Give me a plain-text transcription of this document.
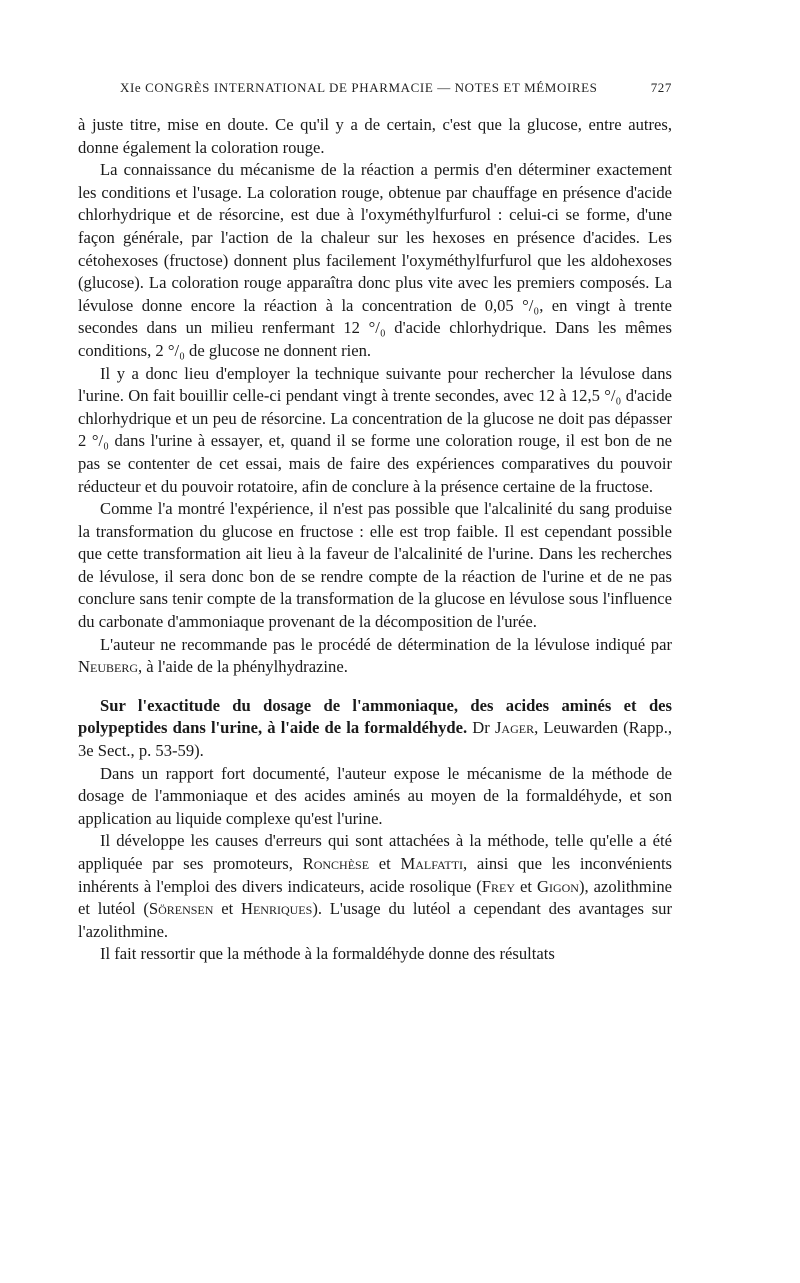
XIe CONGRÈS INTERNATIONAL DE PHARMACIE — NOTES ET MÉMOIRES	727

à juste titre, mise en doute. Ce qu'il y a de certain, c'est que la glucose, entre autres, donne également la coloration rouge.

La connaissance du mécanisme de la réaction a permis d'en déterminer exactement les conditions et l'usage. La coloration rouge, obtenue par chauffage en présence d'acide chlorhydrique et de résorcine, est due à l'oxyméthylfurfurol : celui-ci se forme, d'une façon générale, par l'action de la chaleur sur les hexoses en présence d'acides. Les cétohexoses (fructose) donnent plus facilement l'oxyméthylfurfurol que les aldohexoses (glucose). La coloration rouge apparaîtra donc plus vite avec les premiers composés. La lévulose donne encore la réaction à la concentration de 0,05 °/₀, en vingt à trente secondes dans un milieu renfermant 12 °/₀ d'acide chlorhydrique. Dans les mêmes conditions, 2 °/₀ de glucose ne donnent rien.

Il y a donc lieu d'employer la technique suivante pour rechercher la lévulose dans l'urine. On fait bouillir celle-ci pendant vingt à trente secondes, avec 12 à 12,5 °/₀ d'acide chlorhydrique et un peu de résorcine. La concentration de la glucose ne doit pas dépasser 2 °/₀ dans l'urine à essayer, et, quand il se forme une coloration rouge, il est bon de ne pas se contenter de cet essai, mais de faire des expériences comparatives du pouvoir réducteur et du pouvoir rotatoire, afin de conclure à la présence certaine de la fructose.

Comme l'a montré l'expérience, il n'est pas possible que l'alcalinité du sang produise la transformation du glucose en fructose : elle est trop faible. Il est cependant possible que cette transformation ait lieu à la faveur de l'alcalinité de l'urine. Dans les recherches de lévulose, il sera donc bon de se rendre compte de la réaction de l'urine et de ne pas conclure sans tenir compte de la transformation de la glucose en lévulose sous l'influence du carbonate d'ammoniaque provenant de la décomposition de l'urée.

L'auteur ne recommande pas le procédé de détermination de la lévulose indiqué par Neuberg, à l'aide de la phénylhydrazine.

Sur l'exactitude du dosage de l'ammoniaque, des acides aminés et des polypeptides dans l'urine, à l'aide de la formaldéhyde. Dr Jager, Leuwarden (Rapp., 3e Sect., p. 53-59).

Dans un rapport fort documenté, l'auteur expose le mécanisme de la méthode de dosage de l'ammoniaque et des acides aminés au moyen de la formaldéhyde, et son application au liquide complexe qu'est l'urine.

Il développe les causes d'erreurs qui sont attachées à la méthode, telle qu'elle a été appliquée par ses promoteurs, Ronchèse et Malfatti, ainsi que les inconvénients inhérents à l'emploi des divers indicateurs, acide rosolique (Frey et Gigon), azolithmine et lutéol (Sörensen et Henriques). L'usage du lutéol a cependant des avantages sur l'azolithmine.

Il fait ressortir que la méthode à la formaldéhyde donne des résultats
